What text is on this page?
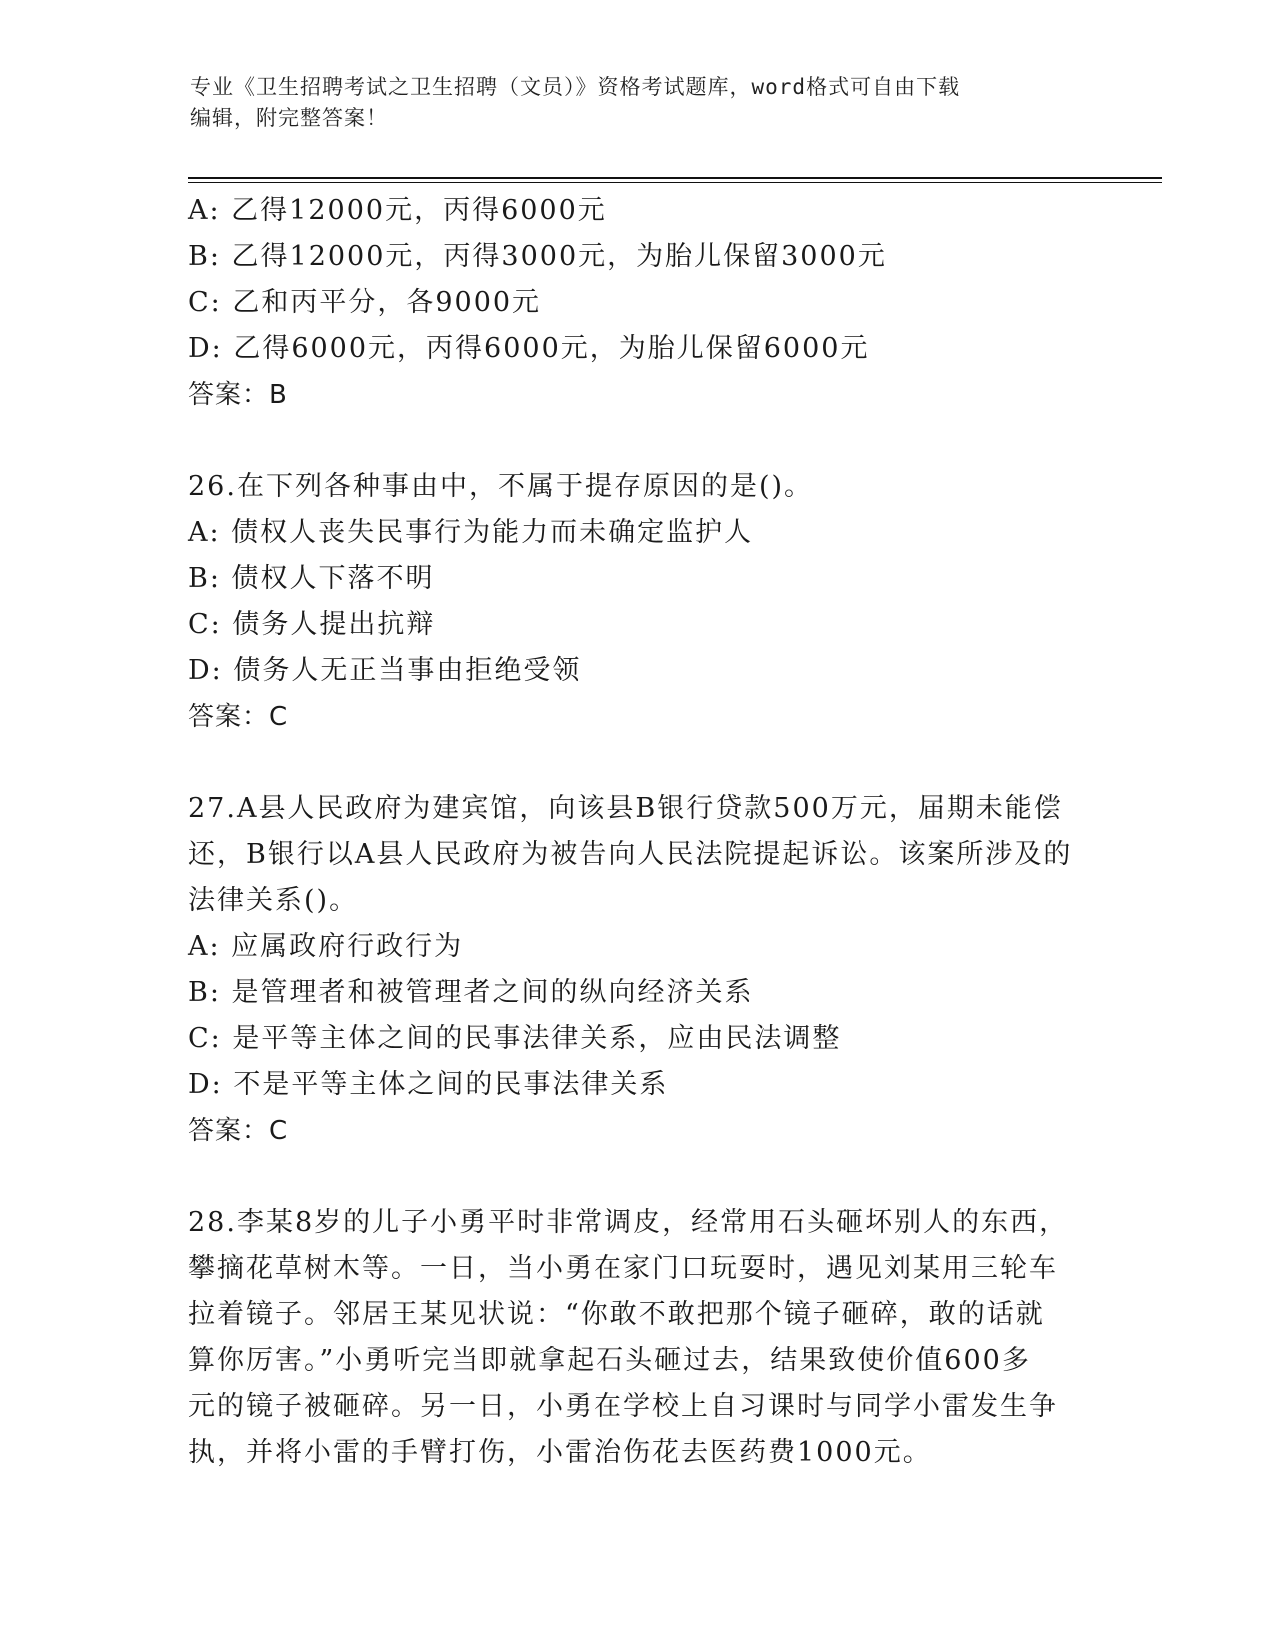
专业《卫生招聘考试之卫生招聘（文员）》资格考试题库，word格式可自由下载
编辑，附完整答案！
A: 乙得12000元，丙得6000元
B: 乙得12000元，丙得3000元，为胎儿保留3000元
C: 乙和丙平分，各9000元
D: 乙得6000元，丙得6000元，为胎儿保留6000元
答案：B
26.在下列各种事由中，不属于提存原因的是()。
A: 债权人丧失民事行为能力而未确定监护人
B: 债权人下落不明
C: 债务人提出抗辩
D: 债务人无正当事由拒绝受领
答案：C
27.A县人民政府为建宾馆，向该县B银行贷款500万元，届期未能偿
还，B银行以A县人民政府为被告向人民法院提起诉讼。该案所涉及的
法律关系()。
A: 应属政府行政行为
B: 是管理者和被管理者之间的纵向经济关系
C: 是平等主体之间的民事法律关系，应由民法调整
D: 不是平等主体之间的民事法律关系
答案：C
28.李某8岁的儿子小勇平时非常调皮，经常用石头砸坏别人的东西，
攀摘花草树木等。一日，当小勇在家门口玩耍时，遇见刘某用三轮车
拉着镜子。邻居王某见状说：“你敢不敢把那个镜子砸碎，敢的话就
算你厉害。”小勇听完当即就拿起石头砸过去，结果致使价值600多
元的镜子被砸碎。另一日，小勇在学校上自习课时与同学小雷发生争
执，并将小雷的手臂打伤，小雷治伤花去医药费1000元。
